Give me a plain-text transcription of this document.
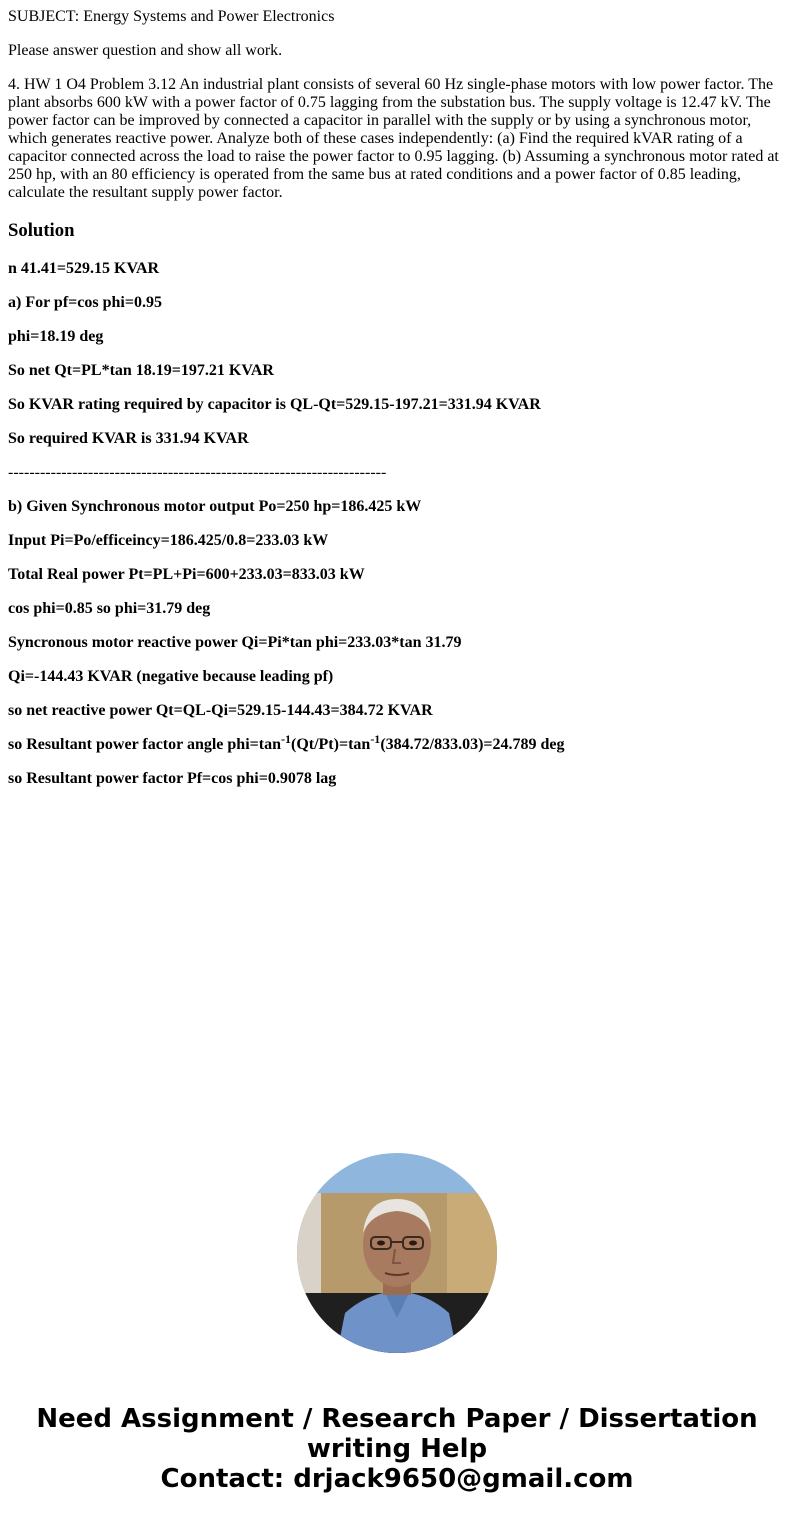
SUBJECT: Energy Systems and Power Electronics

Please answer question and show all work.

4. HW 1 O4 Problem 3.12 An industrial plant consists of several 60 Hz single-phase motors with low power factor. The plant absorbs 600 kW with a power factor of 0.75 lagging from the substation bus. The supply voltage is 12.47 kV. The power factor can be improved by connected a capacitor in parallel with the supply or by using a synchronous motor, which generates reactive power. Analyze both of these cases independently: (a) Find the required kVAR rating of a capacitor connected across the load to raise the power factor to 0.95 lagging. (b) Assuming a synchronous motor rated at 250 hp, with an 80 efficiency is operated from the same bus at rated conditions and a power factor of 0.85 leading, calculate the resultant supply power factor.

Solution

n 41.41=529.15 KVAR

a) For pf=cos phi=0.95

phi=18.19 deg

So net Qt=PL*tan 18.19=197.21 KVAR

So KVAR rating required by capacitor is QL-Qt=529.15-197.21=331.94 KVAR

So required KVAR is 331.94 KVAR

-----------------------------------------------------------------------

b) Given Synchronous motor output Po=250 hp=186.425 kW

Input Pi=Po/efficeincy=186.425/0.8=233.03 kW

Total Real power Pt=PL+Pi=600+233.03=833.03 kW

cos phi=0.85 so phi=31.79 deg

Syncronous motor reactive power Qi=Pi*tan phi=233.03*tan 31.79

Qi=-144.43 KVAR (negative because leading pf)

so net reactive power Qt=QL-Qi=529.15-144.43=384.72 KVAR

so Resultant power factor angle $phi=\tan^{-1}(Qt/Pt)=\tan^{-1}(384.72/833.03)=24.789$ deg

so Resultant power factor Pf=cos phi=0.9078 lag

Need Assignment / Research Paper / Dissertation
writing Help
Contact: drjack9650@gmail.com
